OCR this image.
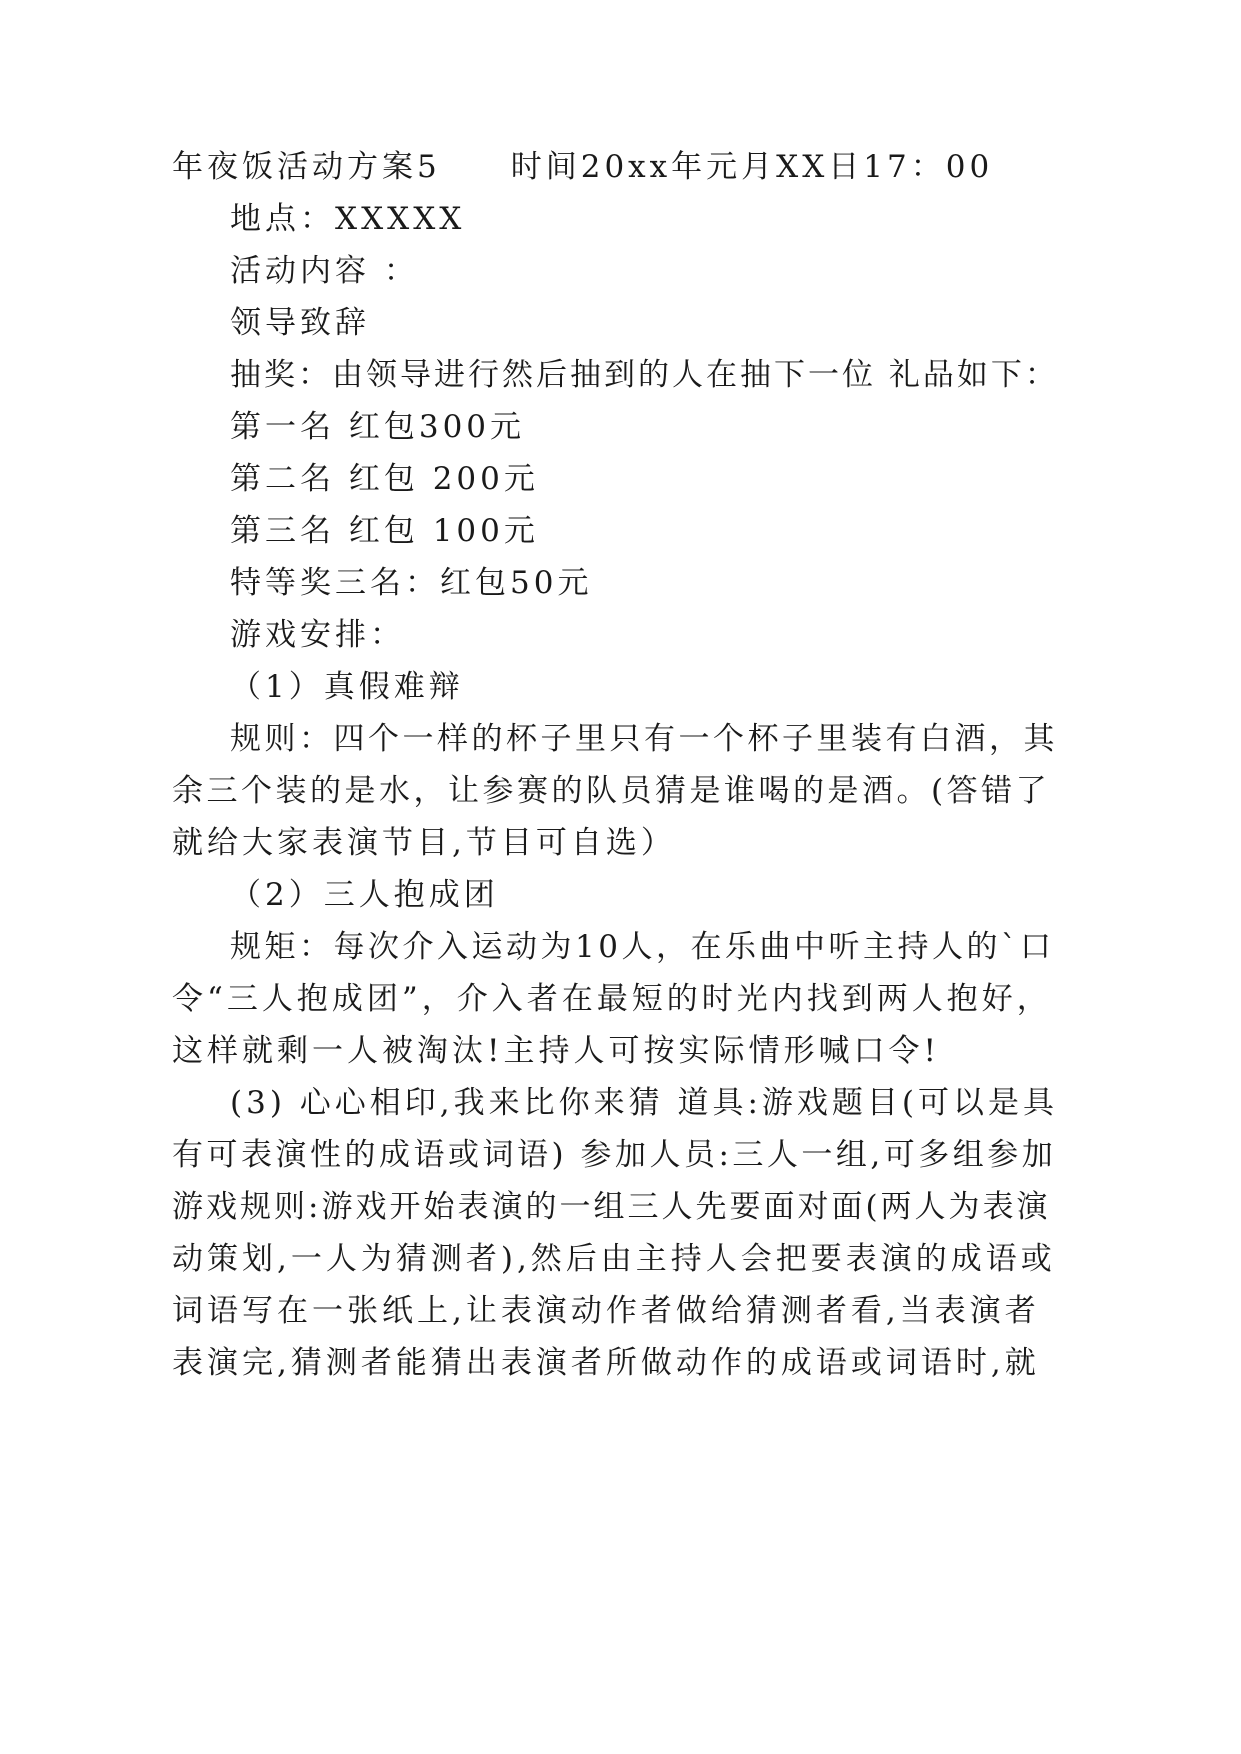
年夜饭活动方案5　　时间20xx年元月XX日17：00
地点：XXXXX
活动内容 ：
领导致辞
抽奖：由领导进行然后抽到的人在抽下一位 礼品如下：
第一名 红包300元
第二名 红包 200元
第三名 红包 100元
特等奖三名：红包50元
游戏安排：
（1）真假难辩
规则：四个一样的杯子里只有一个杯子里装有白酒，其
余三个装的是水，让参赛的队员猜是谁喝的是酒。(答错了
就给大家表演节目,节目可自选）
（2）三人抱成团
规矩：每次介入运动为10人，在乐曲中听主持人的`口
令“三人抱成团”，介入者在最短的时光内找到两人抱好，
这样就剩一人被淘汰!主持人可按实际情形喊口令!
(3) 心心相印,我来比你来猜 道具:游戏题目(可以是具
有可表演性的成语或词语) 参加人员:三人一组,可多组参加
游戏规则:游戏开始表演的一组三人先要面对面(两人为表演
动策划,一人为猜测者),然后由主持人会把要表演的成语或
词语写在一张纸上,让表演动作者做给猜测者看,当表演者
表演完,猜测者能猜出表演者所做动作的成语或词语时,就
